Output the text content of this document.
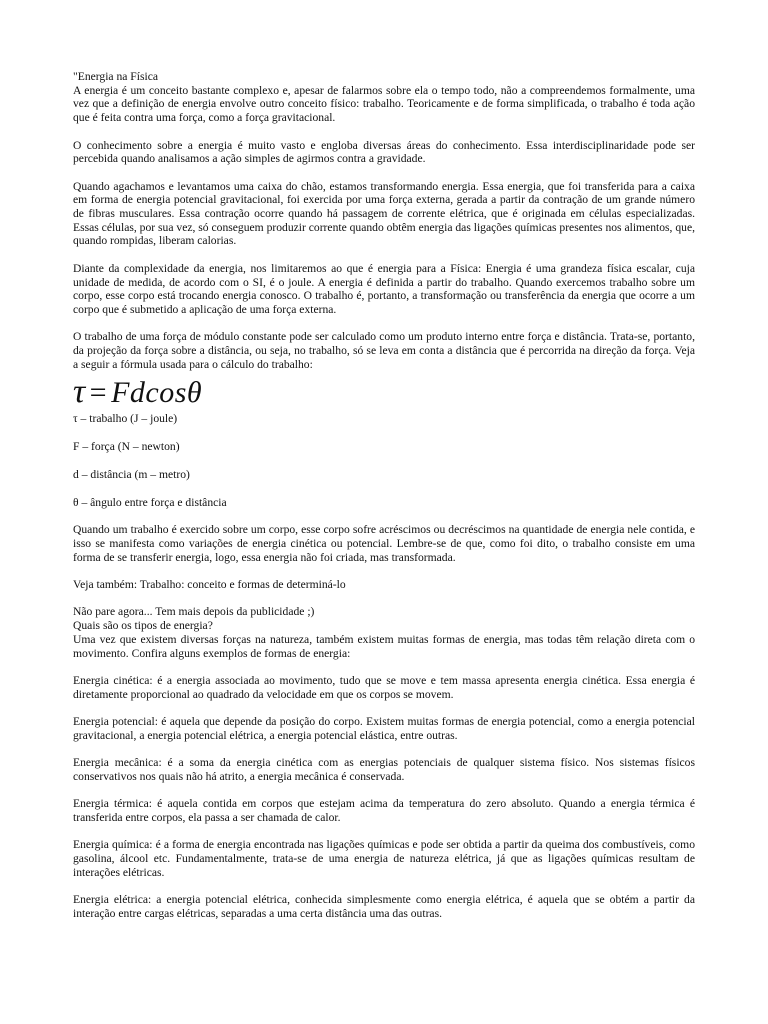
"Energia na Física

A energia é um conceito bastante complexo e, apesar de falarmos sobre ela o tempo todo, não a compreendemos formalmente, uma vez que a definição de energia envolve outro conceito físico: trabalho. Teoricamente e de forma simplificada, o trabalho é toda ação que é feita contra uma força, como a força gravitacional.

O conhecimento sobre a energia é muito vasto e engloba diversas áreas do conhecimento. Essa interdisciplinaridade pode ser percebida quando analisamos a ação simples de agirmos contra a gravidade.

Quando agachamos e levantamos uma caixa do chão, estamos transformando energia. Essa energia, que foi transferida para a caixa em forma de energia potencial gravitacional, foi exercida por uma força externa, gerada a partir da contração de um grande número de fibras musculares. Essa contração ocorre quando há passagem de corrente elétrica, que é originada em células especializadas. Essas células, por sua vez, só conseguem produzir corrente quando obtêm energia das ligações químicas presentes nos alimentos, que, quando rompidas, liberam calorias.

Diante da complexidade da energia, nos limitaremos ao que é energia para a Física: Energia é uma grandeza física escalar, cuja unidade de medida, de acordo com o SI, é o joule. A energia é definida a partir do trabalho. Quando exercemos trabalho sobre um corpo, esse corpo está trocando energia conosco. O trabalho é, portanto, a transformação ou transferência da energia que ocorre a um corpo que é submetido a aplicação de uma força externa.

O trabalho de uma força de módulo constante pode ser calculado como um produto interno entre força e distância. Trata-se, portanto, da projeção da força sobre a distância, ou seja, no trabalho, só se leva em conta a distância que é percorrida na direção da força. Veja a seguir a fórmula usada para o cálculo do trabalho:

τ = Fdcosθ

τ – trabalho (J – joule)

F – força (N – newton)

d – distância (m – metro)

θ – ângulo entre força e distância

Quando um trabalho é exercido sobre um corpo, esse corpo sofre acréscimos ou decréscimos na quantidade de energia nele contida, e isso se manifesta como variações de energia cinética ou potencial. Lembre-se de que, como foi dito, o trabalho consiste em uma forma de se transferir energia, logo, essa energia não foi criada, mas transformada.

Veja também: Trabalho: conceito e formas de determiná-lo

Não pare agora... Tem mais depois da publicidade ;)

Quais são os tipos de energia?

Uma vez que existem diversas forças na natureza, também existem muitas formas de energia, mas todas têm relação direta com o movimento. Confira alguns exemplos de formas de energia:

Energia cinética: é a energia associada ao movimento, tudo que se move e tem massa apresenta energia cinética. Essa energia é diretamente proporcional ao quadrado da velocidade em que os corpos se movem.

Energia potencial: é aquela que depende da posição do corpo. Existem muitas formas de energia potencial, como a energia potencial gravitacional, a energia potencial elétrica, a energia potencial elástica, entre outras.

Energia mecânica: é a soma da energia cinética com as energias potenciais de qualquer sistema físico. Nos sistemas físicos conservativos nos quais não há atrito, a energia mecânica é conservada.

Energia térmica: é aquela contida em corpos que estejam acima da temperatura do zero absoluto. Quando a energia térmica é transferida entre corpos, ela passa a ser chamada de calor.

Energia química: é a forma de energia encontrada nas ligações químicas e pode ser obtida a partir da queima dos combustíveis, como gasolina, álcool etc. Fundamentalmente, trata-se de uma energia de natureza elétrica, já que as ligações químicas resultam de interações elétricas.

Energia elétrica: a energia potencial elétrica, conhecida simplesmente como energia elétrica, é aquela que se obtém a partir da interação entre cargas elétricas, separadas a uma certa distância uma das outras.
